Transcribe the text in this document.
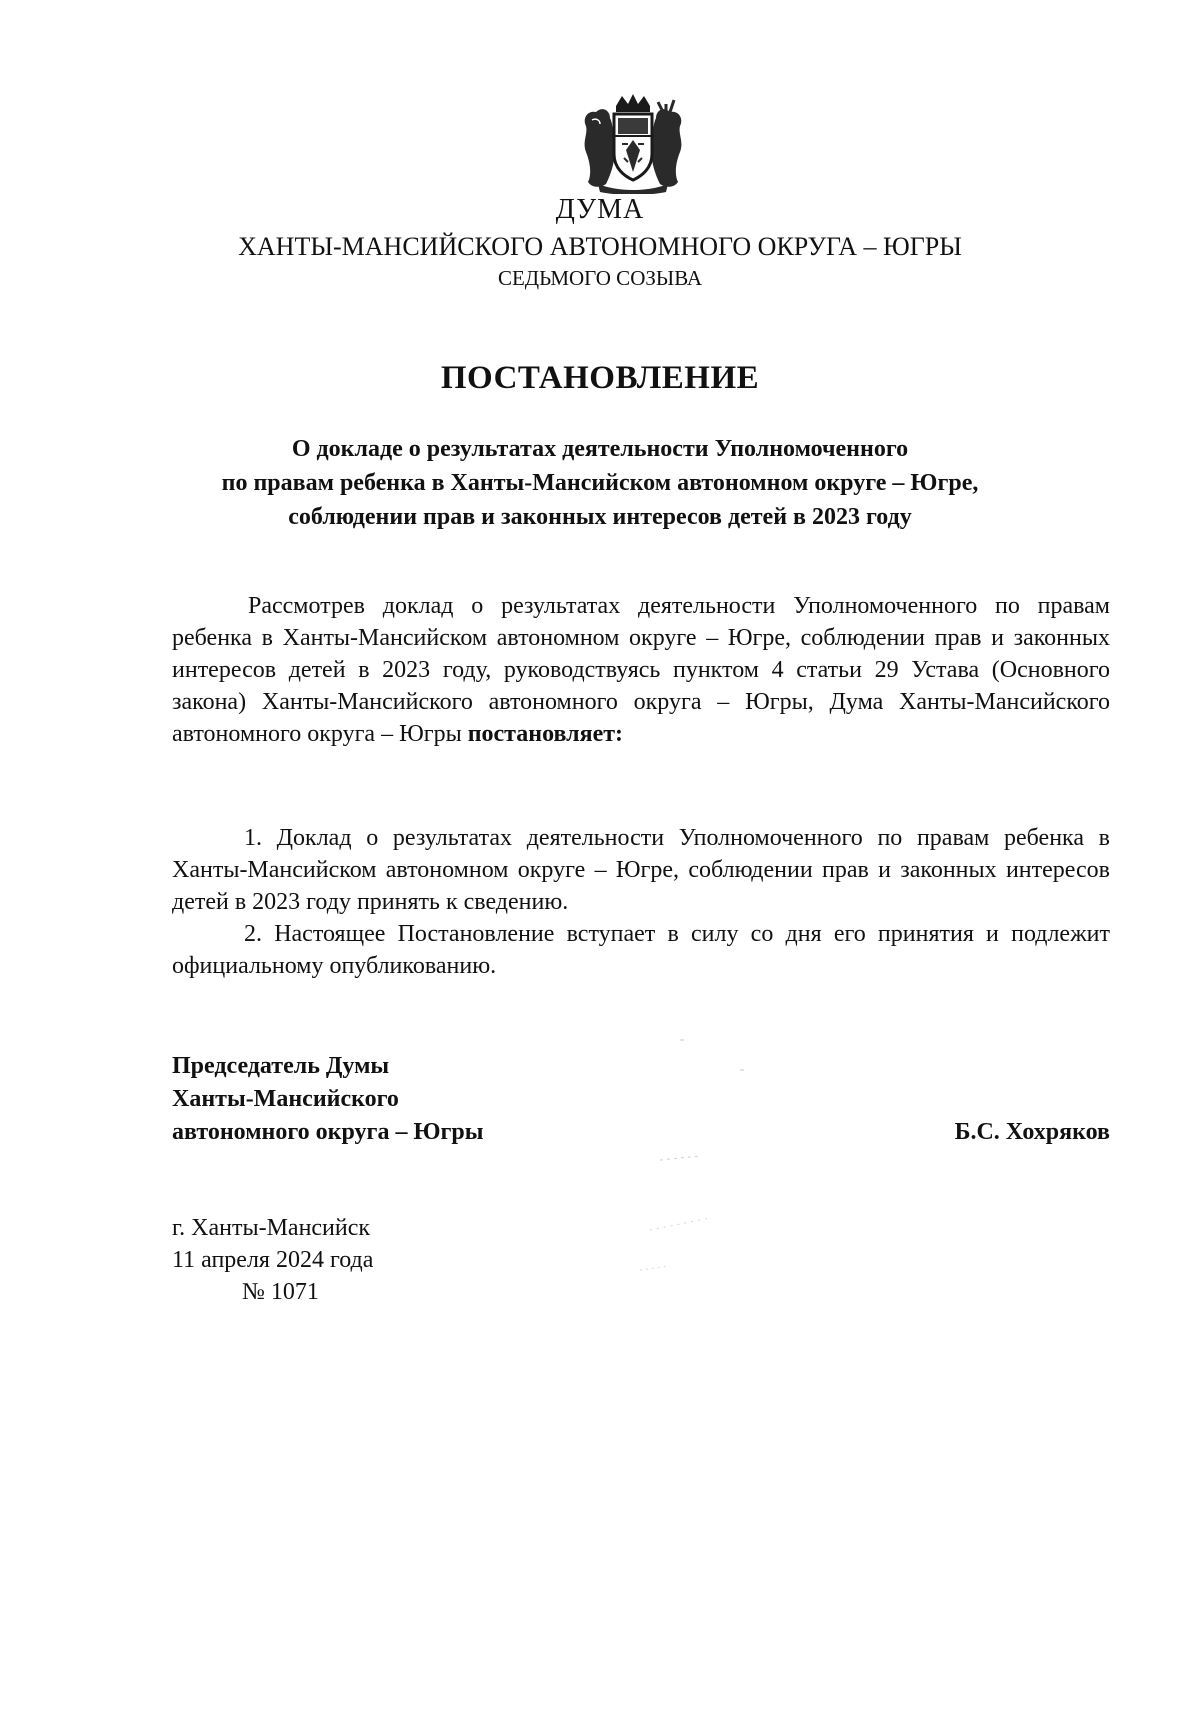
ДУМА
ХАНТЫ-МАНСИЙСКОГО АВТОНОМНОГО ОКРУГА – ЮГРЫ
СЕДЬМОГО СОЗЫВА
ПОСТАНОВЛЕНИЕ
О докладе о результатах деятельности Уполномоченного
по правам ребенка в Ханты-Мансийском автономном округе – Югре,
соблюдении прав и законных интересов детей в 2023 году
Рассмотрев доклад о результатах деятельности Уполномоченного по правам ребенка в Ханты-Мансийском автономном округе – Югре, соблюдении прав и законных интересов детей в 2023 году, руководствуясь пунктом 4 статьи 29 Устава (Основного закона) Ханты-Мансийского автономного округа – Югры, Дума Ханты-Мансийского автономного округа – Югры постановляет:

1. Доклад о результатах деятельности Уполномоченного по правам ребенка в Ханты-Мансийском автономном округе – Югре, соблюдении прав и законных интересов детей в 2023 году принять к сведению.

2. Настоящее Постановление вступает в силу со дня его принятия и подлежит официальному опубликованию.

Председатель Думы
Ханты-Мансийского
автономного округа – Югры	Б.С. Хохряков
г. Ханты-Мансийск
11 апреля 2024 года
№ 1071
